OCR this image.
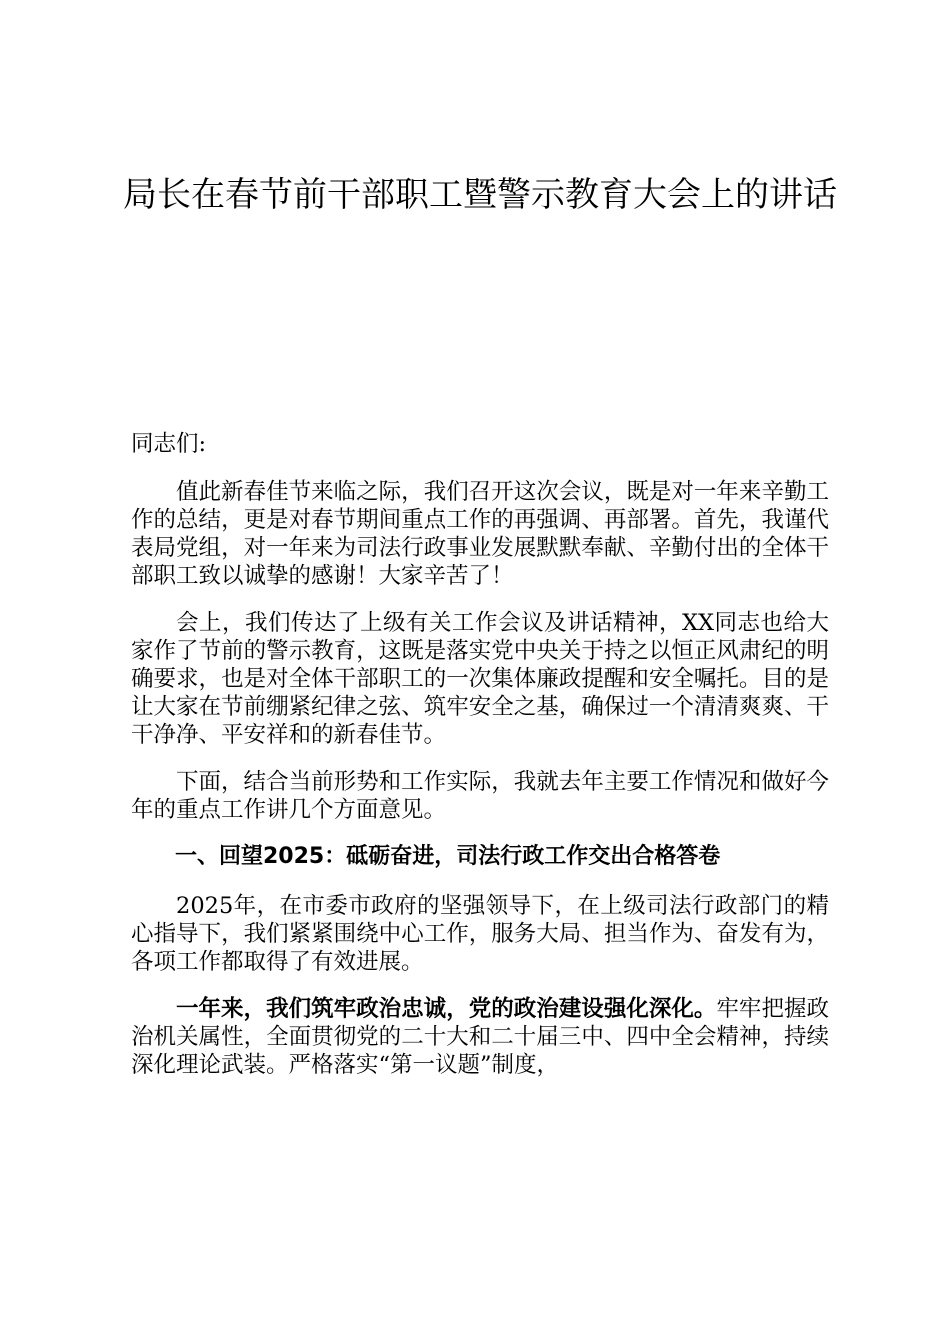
局长在春节前干部职工暨警示教育大会上的讲话

同志们:

值此新春佳节来临之际，我们召开这次会议，既是对一年来辛勤工作的总结，更是对春节期间重点工作的再强调、再部署。首先，我谨代表局党组，对一年来为司法行政事业发展默默奉献、辛勤付出的全体干部职工致以诚挚的感谢！大家辛苦了！

会上，我们传达了上级有关工作会议及讲话精神，XX同志也给大家作了节前的警示教育，这既是落实党中央关于持之以恒正风肃纪的明确要求，也是对全体干部职工的一次集体廉政提醒和安全嘱托。目的是让大家在节前绷紧纪律之弦、筑牢安全之基，确保过一个清清爽爽、干干净净、平安祥和的新春佳节。

下面，结合当前形势和工作实际，我就去年主要工作情况和做好今年的重点工作讲几个方面意见。

一、回望2025：砥砺奋进，司法行政工作交出合格答卷

2025年，在市委市政府的坚强领导下，在上级司法行政部门的精心指导下，我们紧紧围绕中心工作，服务大局、担当作为、奋发有为，各项工作都取得了有效进展。

一年来，我们筑牢政治忠诚，党的政治建设强化深化。牢牢把握政治机关属性，全面贯彻党的二十大和二十届三中、四中全会精神，持续深化理论武装。严格落实“第一议题”制度，
